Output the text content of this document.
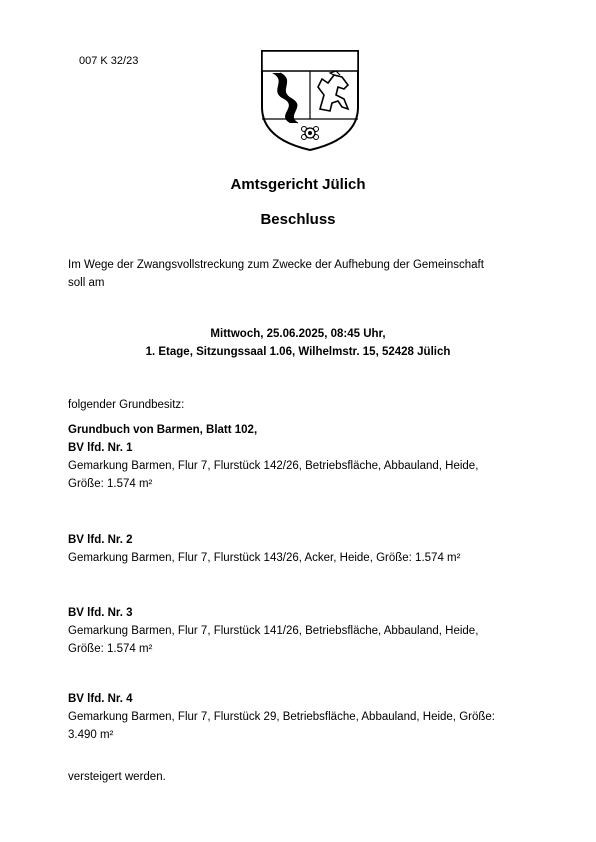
007 K 32/23
Amtsgericht Jülich
Beschluss

Im Wege der Zwangsvollstreckung zum Zwecke der Aufhebung der Gemeinschaft

soll am

Mittwoch, 25.06.2025, 08:45 Uhr,

1. Etage, Sitzungssaal 1.06, Wilhelmstr. 15, 52428 Jülich

folgender Grundbesitz:
Grundbuch von Barmen, Blatt 102,

BV lfd. Nr. 1

Gemarkung Barmen, Flur 7, Flurstück 142/26, Betriebsfläche, Abbauland, Heide,

Größe: 1.574 m²

BV lfd. Nr. 2

Gemarkung Barmen, Flur 7, Flurstück 143/26, Acker, Heide, Größe: 1.574 m²

BV lfd. Nr. 3

Gemarkung Barmen, Flur 7, Flurstück 141/26, Betriebsfläche, Abbauland, Heide,

Größe: 1.574 m²

BV lfd. Nr. 4

Gemarkung Barmen, Flur 7, Flurstück 29, Betriebsfläche, Abbauland, Heide, Größe:

3.490 m²

versteigert werden.
